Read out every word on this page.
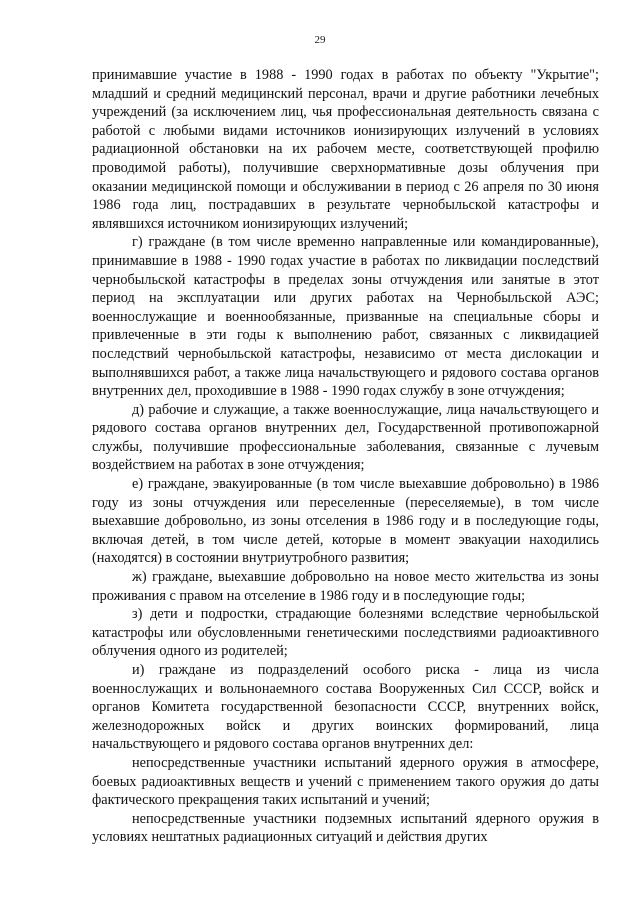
29

принимавшие участие в 1988 - 1990 годах в работах по объекту "Укрытие"; младший и средний медицинский персонал, врачи и другие работники лечебных учреждений (за исключением лиц, чья профессиональная деятельность связана с работой с любыми видами источников ионизирующих излучений в условиях радиационной обстановки на их рабочем месте, соответствующей профилю проводимой работы), получившие сверхнормативные дозы облучения при оказании медицинской помощи и обслуживании в период с 26 апреля по 30 июня 1986 года лиц, пострадавших в результате чернобыльской катастрофы и являвшихся источником ионизирующих излучений;

г) граждане (в том числе временно направленные или командированные), принимавшие в 1988 - 1990 годах участие в работах по ликвидации последствий чернобыльской катастрофы в пределах зоны отчуждения или занятые в этот период на эксплуатации или других работах на Чернобыльской АЭС; военнослужащие и военнообязанные, призванные на специальные сборы и привлеченные в эти годы к выполнению работ, связанных с ликвидацией последствий чернобыльской катастрофы, независимо от места дислокации и выполнявшихся работ, а также лица начальствующего и рядового состава органов внутренних дел, проходившие в 1988 - 1990 годах службу в зоне отчуждения;

д) рабочие и служащие, а также военнослужащие, лица начальствующего и рядового состава органов внутренних дел, Государственной противопожарной службы, получившие профессиональные заболевания, связанные с лучевым воздействием на работах в зоне отчуждения;

е) граждане, эвакуированные (в том числе выехавшие добровольно) в 1986 году из зоны отчуждения или переселенные (переселяемые), в том числе выехавшие добровольно, из зоны отселения в 1986 году и в последующие годы, включая детей, в том числе детей, которые в момент эвакуации находились (находятся) в состоянии внутриутробного развития;

ж) граждане, выехавшие добровольно на новое место жительства из зоны проживания с правом на отселение в 1986 году и в последующие годы;

з) дети и подростки, страдающие болезнями вследствие чернобыльской катастрофы или обусловленными генетическими последствиями радиоактивного облучения одного из родителей;

и) граждане из подразделений особого риска - лица из числа военнослужащих и вольнонаемного состава Вооруженных Сил СССР, войск и органов Комитета государственной безопасности СССР, внутренних войск, железнодорожных войск и других воинских формирований, лица начальствующего и рядового состава органов внутренних дел:

непосредственные участники испытаний ядерного оружия в атмосфере, боевых радиоактивных веществ и учений с применением такого оружия до даты фактического прекращения таких испытаний и учений;

непосредственные участники подземных испытаний ядерного оружия в условиях нештатных радиационных ситуаций и действия других
